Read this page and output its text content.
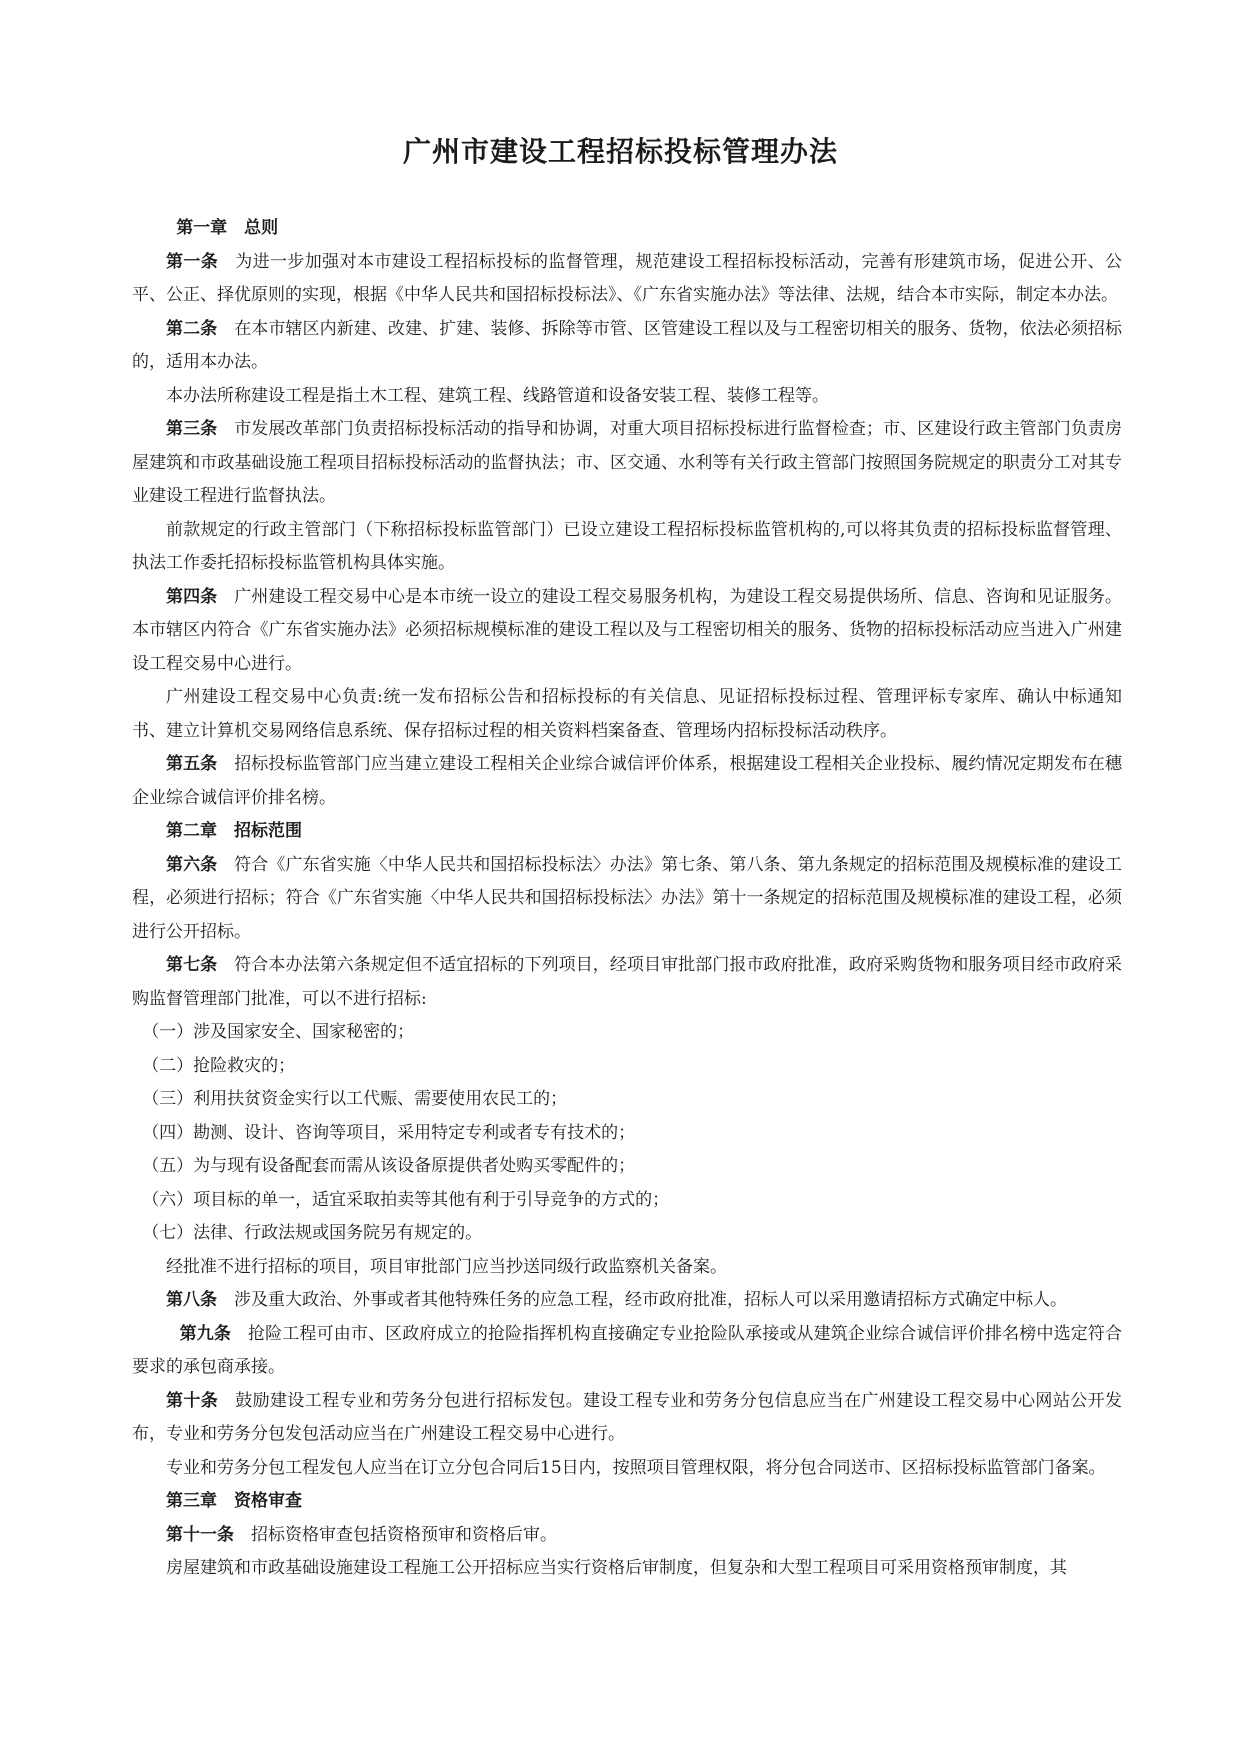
广州市建设工程招标投标管理办法

第一章　总则

第一条 为进一步加强对本市建设工程招标投标的监督管理，规范建设工程招标投标活动，完善有形建筑市场，促进公开、公平、公正、择优原则的实现，根据《中华人民共和国招标投标法》、《广东省实施办法》等法律、法规，结合本市实际，制定本办法。

第二条 在本市辖区内新建、改建、扩建、装修、拆除等市管、区管建设工程以及与工程密切相关的服务、货物，依法必须招标的，适用本办法。

本办法所称建设工程是指土木工程、建筑工程、线路管道和设备安装工程、装修工程等。

第三条 市发展改革部门负责招标投标活动的指导和协调，对重大项目招标投标进行监督检查；市、区建设行政主管部门负责房屋建筑和市政基础设施工程项目招标投标活动的监督执法；市、区交通、水利等有关行政主管部门按照国务院规定的职责分工对其专业建设工程进行监督执法。

前款规定的行政主管部门（下称招标投标监管部门）已设立建设工程招标投标监管机构的,可以将其负责的招标投标监督管理、执法工作委托招标投标监管机构具体实施。

第四条 广州建设工程交易中心是本市统一设立的建设工程交易服务机构，为建设工程交易提供场所、信息、咨询和见证服务。本市辖区内符合《广东省实施办法》必须招标规模标准的建设工程以及与工程密切相关的服务、货物的招标投标活动应当进入广州建设工程交易中心进行。

广州建设工程交易中心负责:统一发布招标公告和招标投标的有关信息、见证招标投标过程、管理评标专家库、确认中标通知书、建立计算机交易网络信息系统、保存招标过程的相关资料档案备查、管理场内招标投标活动秩序。

第五条 招标投标监管部门应当建立建设工程相关企业综合诚信评价体系，根据建设工程相关企业投标、履约情况定期发布在穗企业综合诚信评价排名榜。

第二章　招标范围

第六条 符合《广东省实施〈中华人民共和国招标投标法〉办法》第七条、第八条、第九条规定的招标范围及规模标准的建设工程，必须进行招标；符合《广东省实施〈中华人民共和国招标投标法〉办法》第十一条规定的招标范围及规模标准的建设工程，必须进行公开招标。

第七条 符合本办法第六条规定但不适宜招标的下列项目，经项目审批部门报市政府批准，政府采购货物和服务项目经市政府采购监督管理部门批准，可以不进行招标:

（一）涉及国家安全、国家秘密的；

（二）抢险救灾的；

（三）利用扶贫资金实行以工代赈、需要使用农民工的；

（四）勘测、设计、咨询等项目，采用特定专利或者专有技术的；

（五）为与现有设备配套而需从该设备原提供者处购买零配件的；

（六）项目标的单一，适宜采取拍卖等其他有利于引导竞争的方式的；

（七）法律、行政法规或国务院另有规定的。

经批准不进行招标的项目，项目审批部门应当抄送同级行政监察机关备案。

第八条 涉及重大政治、外事或者其他特殊任务的应急工程，经市政府批准，招标人可以采用邀请招标方式确定中标人。

第九条 抢险工程可由市、区政府成立的抢险指挥机构直接确定专业抢险队承接或从建筑企业综合诚信评价排名榜中选定符合要求的承包商承接。

第十条 鼓励建设工程专业和劳务分包进行招标发包。建设工程专业和劳务分包信息应当在广州建设工程交易中心网站公开发布，专业和劳务分包发包活动应当在广州建设工程交易中心进行。

专业和劳务分包工程发包人应当在订立分包合同后15日内，按照项目管理权限，将分包合同送市、区招标投标监管部门备案。

第三章　资格审查

第十一条 招标资格审查包括资格预审和资格后审。

房屋建筑和市政基础设施建设工程施工公开招标应当实行资格后审制度，但复杂和大型工程项目可采用资格预审制度，其
